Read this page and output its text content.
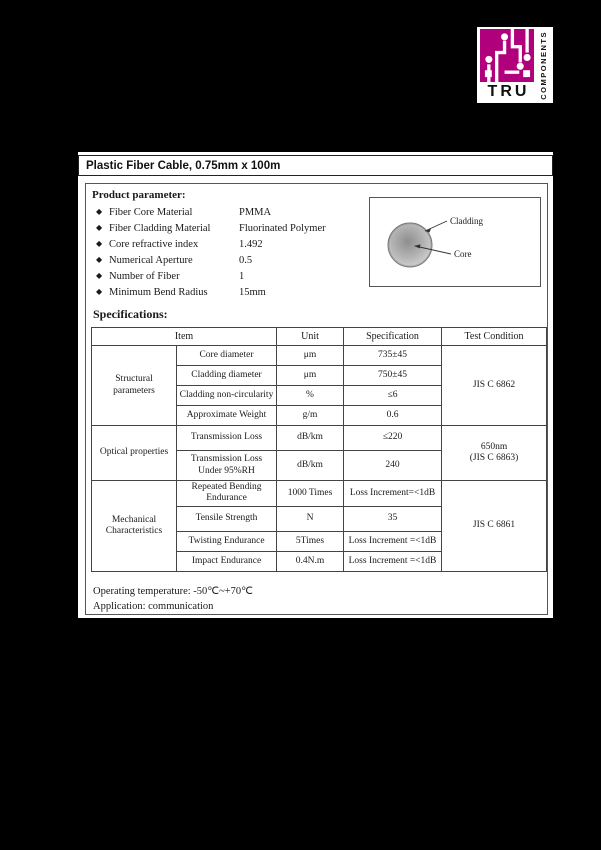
TRU COMPONENTS
Plastic Fiber Cable, 0.75mm x 100m
Product parameter:
◆ Fiber Core Material	PMMA
◆ Fiber Cladding Material	Fluorinated Polymer
◆ Core refractive index	1.492
◆ Numerical Aperture	0.5
◆ Number of Fiber	1
◆ Minimum Bend Radius	15mm
Cladding
Core
Specifications:
Item		Unit	Specification	Test Condition
Structural parameters	Core diameter	μm	735±45	JIS C 6862
	Cladding diameter	μm	750±45	
	Cladding non-circularity	%	≤6	
	Approximate Weight	g/m	0.6	
Optical properties	Transmission Loss	dB/km	≤220	650nm
(JIS C 6863)

	Transmission Loss Under 95%RH	dB/km	240	
Mechanical Characteristics	Repeated Bending Endurance	1000 Times	Loss Increment=<1dB	JIS C 6861
	Tensile Strength	N	35	
	Twisting Endurance	5Times	Loss Increment =<1dB	
	Impact Endurance	0.4N.m	Loss Increment =<1dB	
Operating temperature: -50℃~+70℃
Application: communication
